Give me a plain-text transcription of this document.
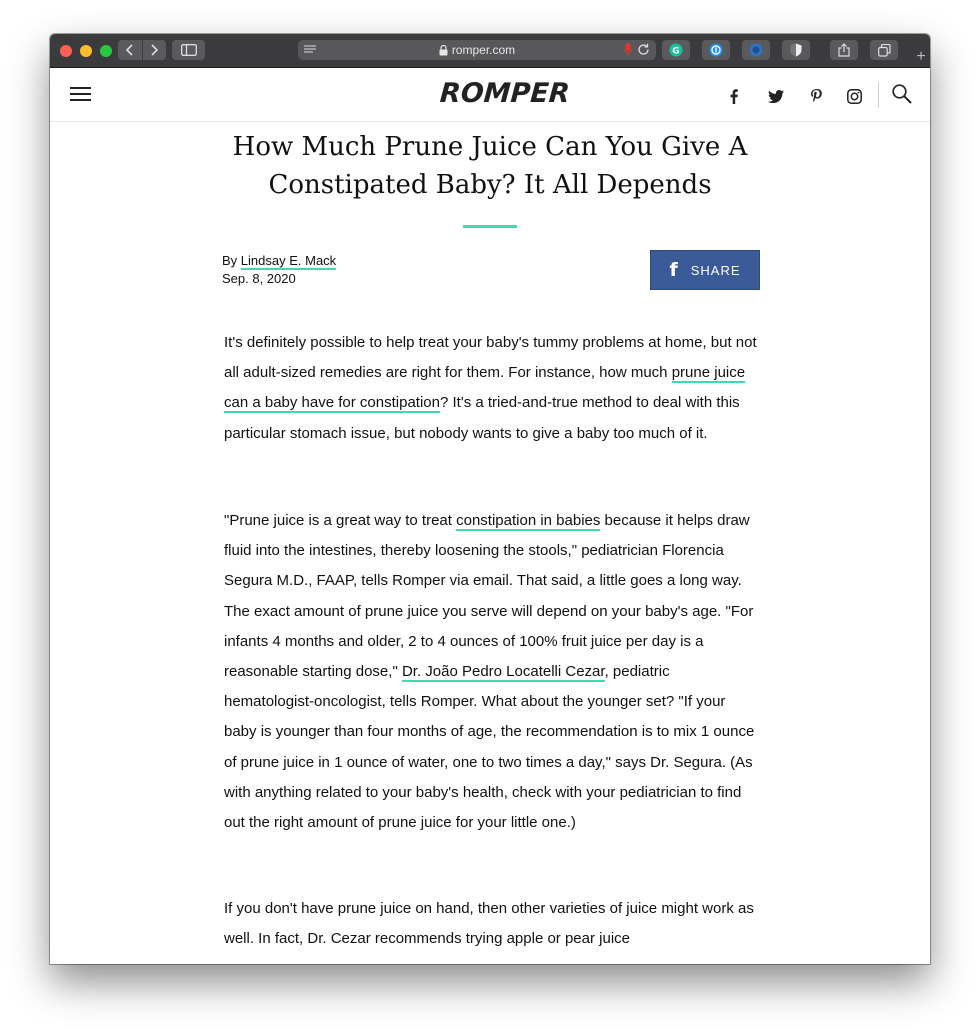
romper.com	G	+
ROMPER
How Much Prune Juice Can You Give A Constipated Baby? It All Depends
By Lindsay E. Mack
Sep. 8, 2020	f SHARE
It's definitely possible to help treat your baby's tummy problems at home, but not all adult-sized remedies are right for them. For instance, how much prune juice can a baby have for constipation? It's a tried-and-true method to deal with this particular stomach issue, but nobody wants to give a baby too much of it.
"Prune juice is a great way to treat constipation in babies because it helps draw fluid into the intestines, thereby loosening the stools," pediatrician Florencia Segura M.D., FAAP, tells Romper via email. That said, a little goes a long way. The exact amount of prune juice you serve will depend on your baby's age. "For infants 4 months and older, 2 to 4 ounces of 100% fruit juice per day is a reasonable starting dose," Dr. João Pedro Locatelli Cezar, pediatric hematologist-oncologist, tells Romper. What about the younger set? "If your baby is younger than four months of age, the recommendation is to mix 1 ounce of prune juice in 1 ounce of water, one to two times a day," says Dr. Segura. (As with anything related to your baby's health, check with your pediatrician to find out the right amount of prune juice for your little one.)
If you don't have prune juice on hand, then other varieties of juice might work as well. In fact, Dr. Cezar recommends trying apple or pear juice
